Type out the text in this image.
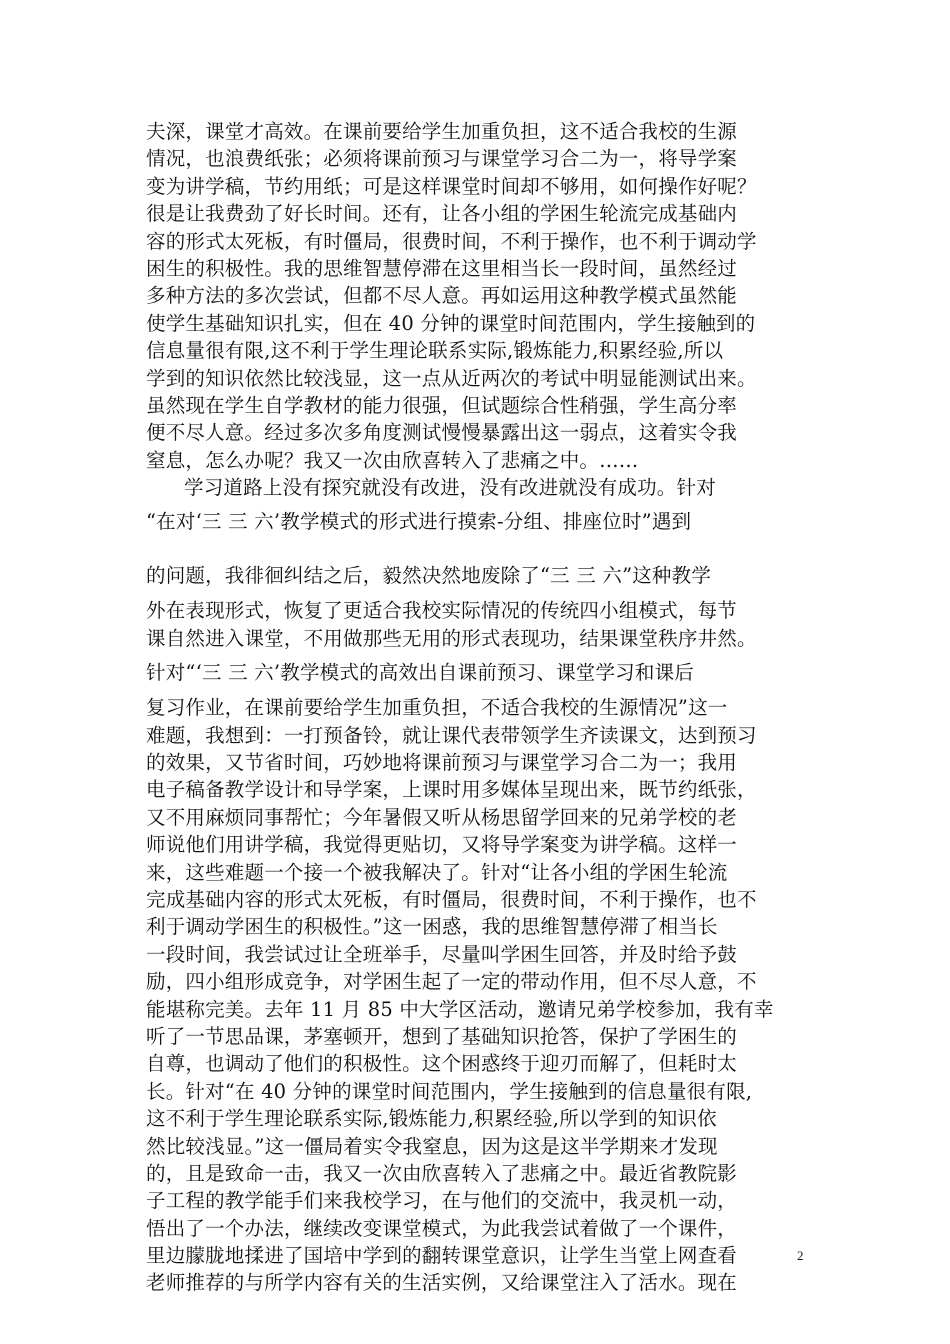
夫深，课堂才高效。在课前要给学生加重负担，这不适合我校的生源
情况，也浪费纸张；必须将课前预习与课堂学习合二为一，将导学案
变为讲学稿，节约用纸；可是这样课堂时间却不够用，如何操作好呢？
很是让我费劲了好长时间。还有，让各小组的学困生轮流完成基础内
容的形式太死板，有时僵局，很费时间，不利于操作，也不利于调动学
困生的积极性。我的思维智慧停滞在这里相当长一段时间，虽然经过
多种方法的多次尝试，但都不尽人意。再如运用这种教学模式虽然能
使学生基础知识扎实，但在 40 分钟的课堂时间范围内，学生接触到的
信息量很有限,这不利于学生理论联系实际,锻炼能力,积累经验,所以
学到的知识依然比较浅显，这一点从近两次的考试中明显能测试出来。
虽然现在学生自学教材的能力很强，但试题综合性稍强，学生高分率
便不尽人意。经过多次多角度测试慢慢暴露出这一弱点，这着实令我
窒息，怎么办呢？我又一次由欣喜转入了悲痛之中。……
学习道路上没有探究就没有改进，没有改进就没有成功。针对
“在对‘三 三 六’教学模式的形式进行摸索-分组、排座位时”遇到
的问题，我徘徊纠结之后，毅然决然地废除了“三 三 六”这种教学
外在表现形式，恢复了更适合我校实际情况的传统四小组模式，每节
课自然进入课堂，不用做那些无用的形式表现功，结果课堂秩序井然。
针对“‘三 三 六’教学模式的高效出自课前预习、课堂学习和课后
复习作业，在课前要给学生加重负担，不适合我校的生源情况”这一
难题，我想到：一打预备铃，就让课代表带领学生齐读课文，达到预习
的效果，又节省时间，巧妙地将课前预习与课堂学习合二为一；我用
电子稿备教学设计和导学案，上课时用多媒体呈现出来，既节约纸张，
又不用麻烦同事帮忙；今年暑假又听从杨思留学回来的兄弟学校的老
师说他们用讲学稿，我觉得更贴切，又将导学案变为讲学稿。这样一
来，这些难题一个接一个被我解决了。针对“让各小组的学困生轮流
完成基础内容的形式太死板，有时僵局，很费时间，不利于操作，也不
利于调动学困生的积极性。”这一困惑，我的思维智慧停滞了相当长
一段时间，我尝试过让全班举手，尽量叫学困生回答，并及时给予鼓
励，四小组形成竞争，对学困生起了一定的带动作用，但不尽人意，不
能堪称完美。去年 11 月 85 中大学区活动，邀请兄弟学校参加，我有幸
听了一节思品课，茅塞顿开，想到了基础知识抢答，保护了学困生的
自尊，也调动了他们的积极性。这个困惑终于迎刃而解了，但耗时太
长。针对“在 40 分钟的课堂时间范围内，学生接触到的信息量很有限,
这不利于学生理论联系实际,锻炼能力,积累经验,所以学到的知识依
然比较浅显。”这一僵局着实令我窒息，因为这是这半学期来才发现
的，且是致命一击，我又一次由欣喜转入了悲痛之中。最近省教院影
子工程的教学能手们来我校学习，在与他们的交流中，我灵机一动，
悟出了一个办法，继续改变课堂模式，为此我尝试着做了一个课件，
里边朦胧地揉进了国培中学到的翻转课堂意识，让学生当堂上网查看
老师推荐的与所学内容有关的生活实例，又给课堂注入了活水。现在
2
